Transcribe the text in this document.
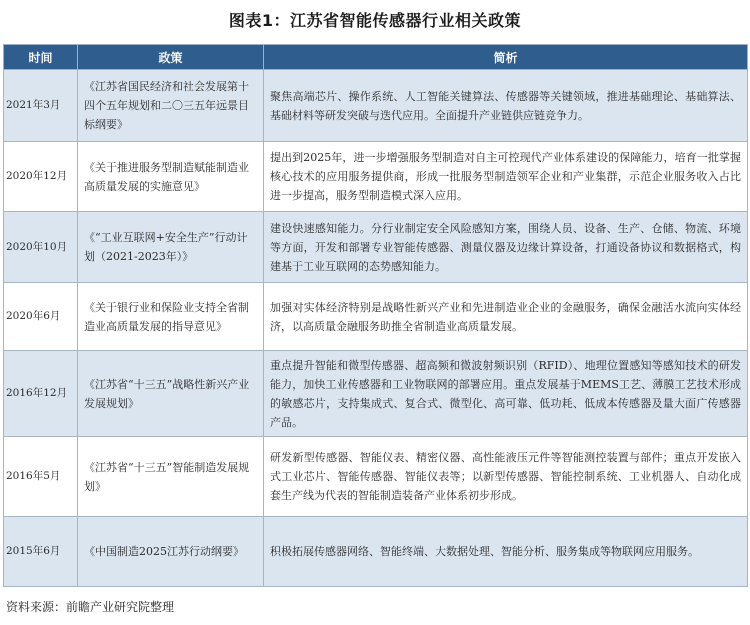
图表1：江苏省智能传感器行业相关政策
时间	政策	简析
2021年3月	《江苏省国民经济和社会发展第十四个五年规划和二〇三五年远景目标纲要》	聚焦高端芯片、操作系统、人工智能关键算法、传感器等关键领域，推进基础理论、基础算法、基础材料等研发突破与迭代应用。全面提升产业链供应链竞争力。
2020年12月	《关于推进服务型制造赋能制造业高质量发展的实施意见》	提出到2025年，进一步增强服务型制造对自主可控现代产业体系建设的保障能力，培育一批掌握核心技术的应用服务提供商，形成一批服务型制造领军企业和产业集群，示范企业服务收入占比进一步提高，服务型制造模式深入应用。
2020年10月	《“工业互联网+安全生产”行动计划（2021-2023年）》	建设快速感知能力。分行业制定安全风险感知方案，围绕人员、设备、生产、仓储、物流、环境等方面，开发和部署专业智能传感器、测量仪器及边缘计算设备，打通设备协议和数据格式，构建基于工业互联网的态势感知能力。
2020年6月	《关于银行业和保险业支持全省制造业高质量发展的指导意见》	加强对实体经济特别是战略性新兴产业和先进制造业企业的金融服务，确保金融活水流向实体经济，以高质量金融服务助推全省制造业高质量发展。
2016年12月	《江苏省“十三五”战略性新兴产业发展规划》	重点提升智能和微型传感器、超高频和微波射频识别（RFID）、地理位置感知等感知技术的研发能力，加快工业传感器和工业物联网的部署应用。重点发展基于MEMS工艺、薄膜工艺技术形成的敏感芯片，支持集成式、复合式、微型化、高可靠、低功耗、低成本传感器及量大面广传感器产品。
2016年5月	《江苏省“十三五”智能制造发展规划》	研发新型传感器、智能仪表、精密仪器、高性能液压元件等智能测控装置与部件；重点开发嵌入式工业芯片、智能传感器、智能仪表等；以新型传感器、智能控制系统、工业机器人、自动化成套生产线为代表的智能制造装备产业体系初步形成。
2015年6月	《中国制造2025江苏行动纲要》	积极拓展传感器网络、智能终端、大数据处理、智能分析、服务集成等物联网应用服务。
资料来源：前瞻产业研究院整理
